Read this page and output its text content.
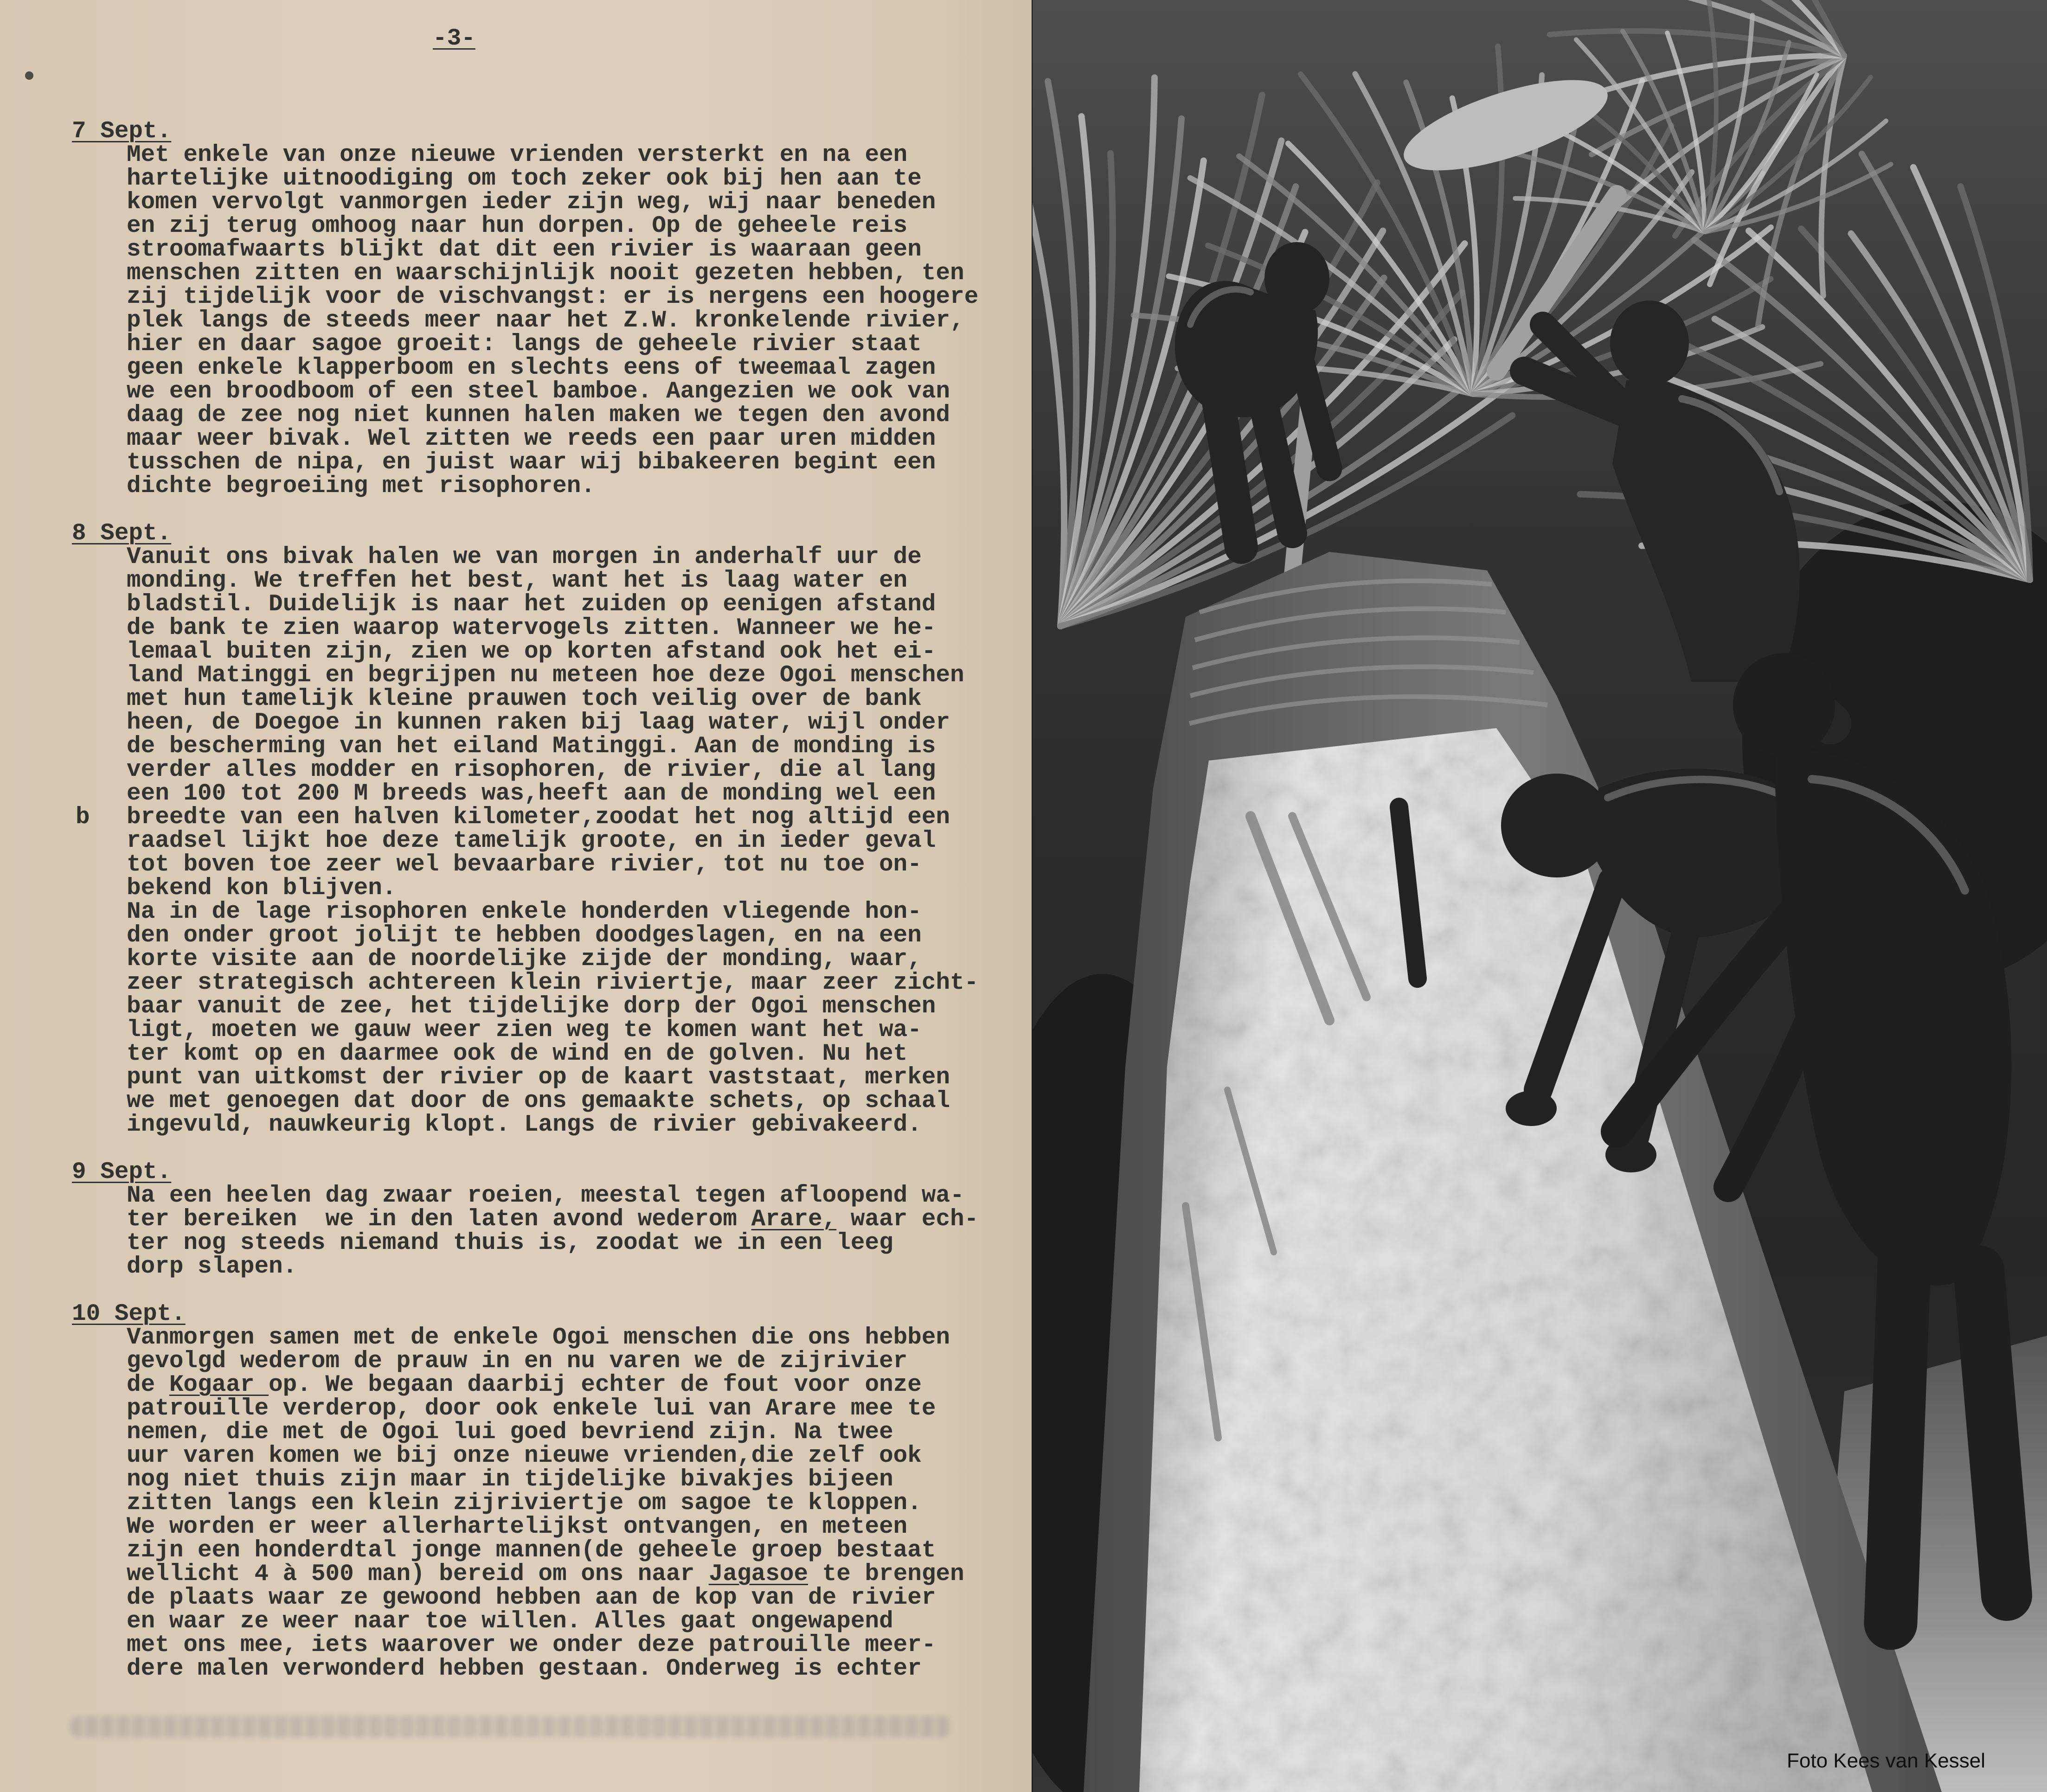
-3-
b
7 Sept.
Met enkele van onze nieuwe vrienden versterkt en na een
hartelijke uitnoodiging om toch zeker ook bij hen aan te
komen vervolgt vanmorgen ieder zijn weg, wij naar beneden
en zij terug omhoog naar hun dorpen. Op de geheele reis
stroomafwaarts blijkt dat dit een rivier is waaraan geen
menschen zitten en waarschijnlijk nooit gezeten hebben, ten
zij tijdelijk voor de vischvangst: er is nergens een hoogere
plek langs de steeds meer naar het Z.W. kronkelende rivier,
hier en daar sagoe groeit: langs de geheele rivier staat
geen enkele klapperboom en slechts eens of tweemaal zagen
we een broodboom of een steel bamboe. Aangezien we ook van
daag de zee nog niet kunnen halen maken we tegen den avond
maar weer bivak. Wel zitten we reeds een paar uren midden
tusschen de nipa, en juist waar wij bibakeeren begint een
dichte begroeiing met risophoren.
8 Sept.
Vanuit ons bivak halen we van morgen in anderhalf uur de
monding. We treffen het best, want het is laag water en
bladstil. Duidelijk is naar het zuiden op eenigen afstand
de bank te zien waarop watervogels zitten. Wanneer we he-
lemaal buiten zijn, zien we op korten afstand ook het ei-
land Matinggi en begrijpen nu meteen hoe deze Ogoi menschen
met hun tamelijk kleine prauwen toch veilig over de bank
heen, de Doegoe in kunnen raken bij laag water, wijl onder
de bescherming van het eiland Matinggi. Aan de monding is
verder alles modder en risophoren, de rivier, die al lang
een 100 tot 200 M breeds was,heeft aan de monding wel een
breedte van een halven kilometer,zoodat het nog altijd een
raadsel lijkt hoe deze tamelijk groote, en in ieder geval
tot boven toe zeer wel bevaarbare rivier, tot nu toe on-
bekend kon blijven.
Na in de lage risophoren enkele honderden vliegende hon-
den onder groot jolijt te hebben doodgeslagen, en na een
korte visite aan de noordelijke zijde der monding, waar,
zeer strategisch achtereen klein riviertje, maar zeer zicht-
baar vanuit de zee, het tijdelijke dorp der Ogoi menschen
ligt, moeten we gauw weer zien weg te komen want het wa-
ter komt op en daarmee ook de wind en de golven. Nu het
punt van uitkomst der rivier op de kaart vaststaat, merken
we met genoegen dat door de ons gemaakte schets, op schaal
ingevuld, nauwkeurig klopt. Langs de rivier gebivakeerd.
9 Sept.
Na een heelen dag zwaar roeien, meestal tegen afloopend wa-
ter bereiken  we in den laten avond wederom Arare, waar ech-
ter nog steeds niemand thuis is, zoodat we in een leeg
dorp slapen.
10 Sept.
Vanmorgen samen met de enkele Ogoi menschen die ons hebben
gevolgd wederom de prauw in en nu varen we de zijrivier
de Kogaar op. We begaan daarbij echter de fout voor onze
patrouille verderop, door ook enkele lui van Arare mee te
nemen, die met de Ogoi lui goed bevriend zijn. Na twee
uur varen komen we bij onze nieuwe vrienden,die zelf ook
nog niet thuis zijn maar in tijdelijke bivakjes bijeen
zitten langs een klein zijriviertje om sagoe te kloppen.
We worden er weer allerhartelijkst ontvangen, en meteen
zijn een honderdtal jonge mannen(de geheele groep bestaat
wellicht 4 à 500 man) bereid om ons naar Jagasoe te brengen
de plaats waar ze gewoond hebben aan de kop van de rivier
en waar ze weer naar toe willen. Alles gaat ongewapend
met ons mee, iets waarover we onder deze patrouille meer-
dere malen verwonderd hebben gestaan. Onderweg is echter
Foto Kees van Kessel
